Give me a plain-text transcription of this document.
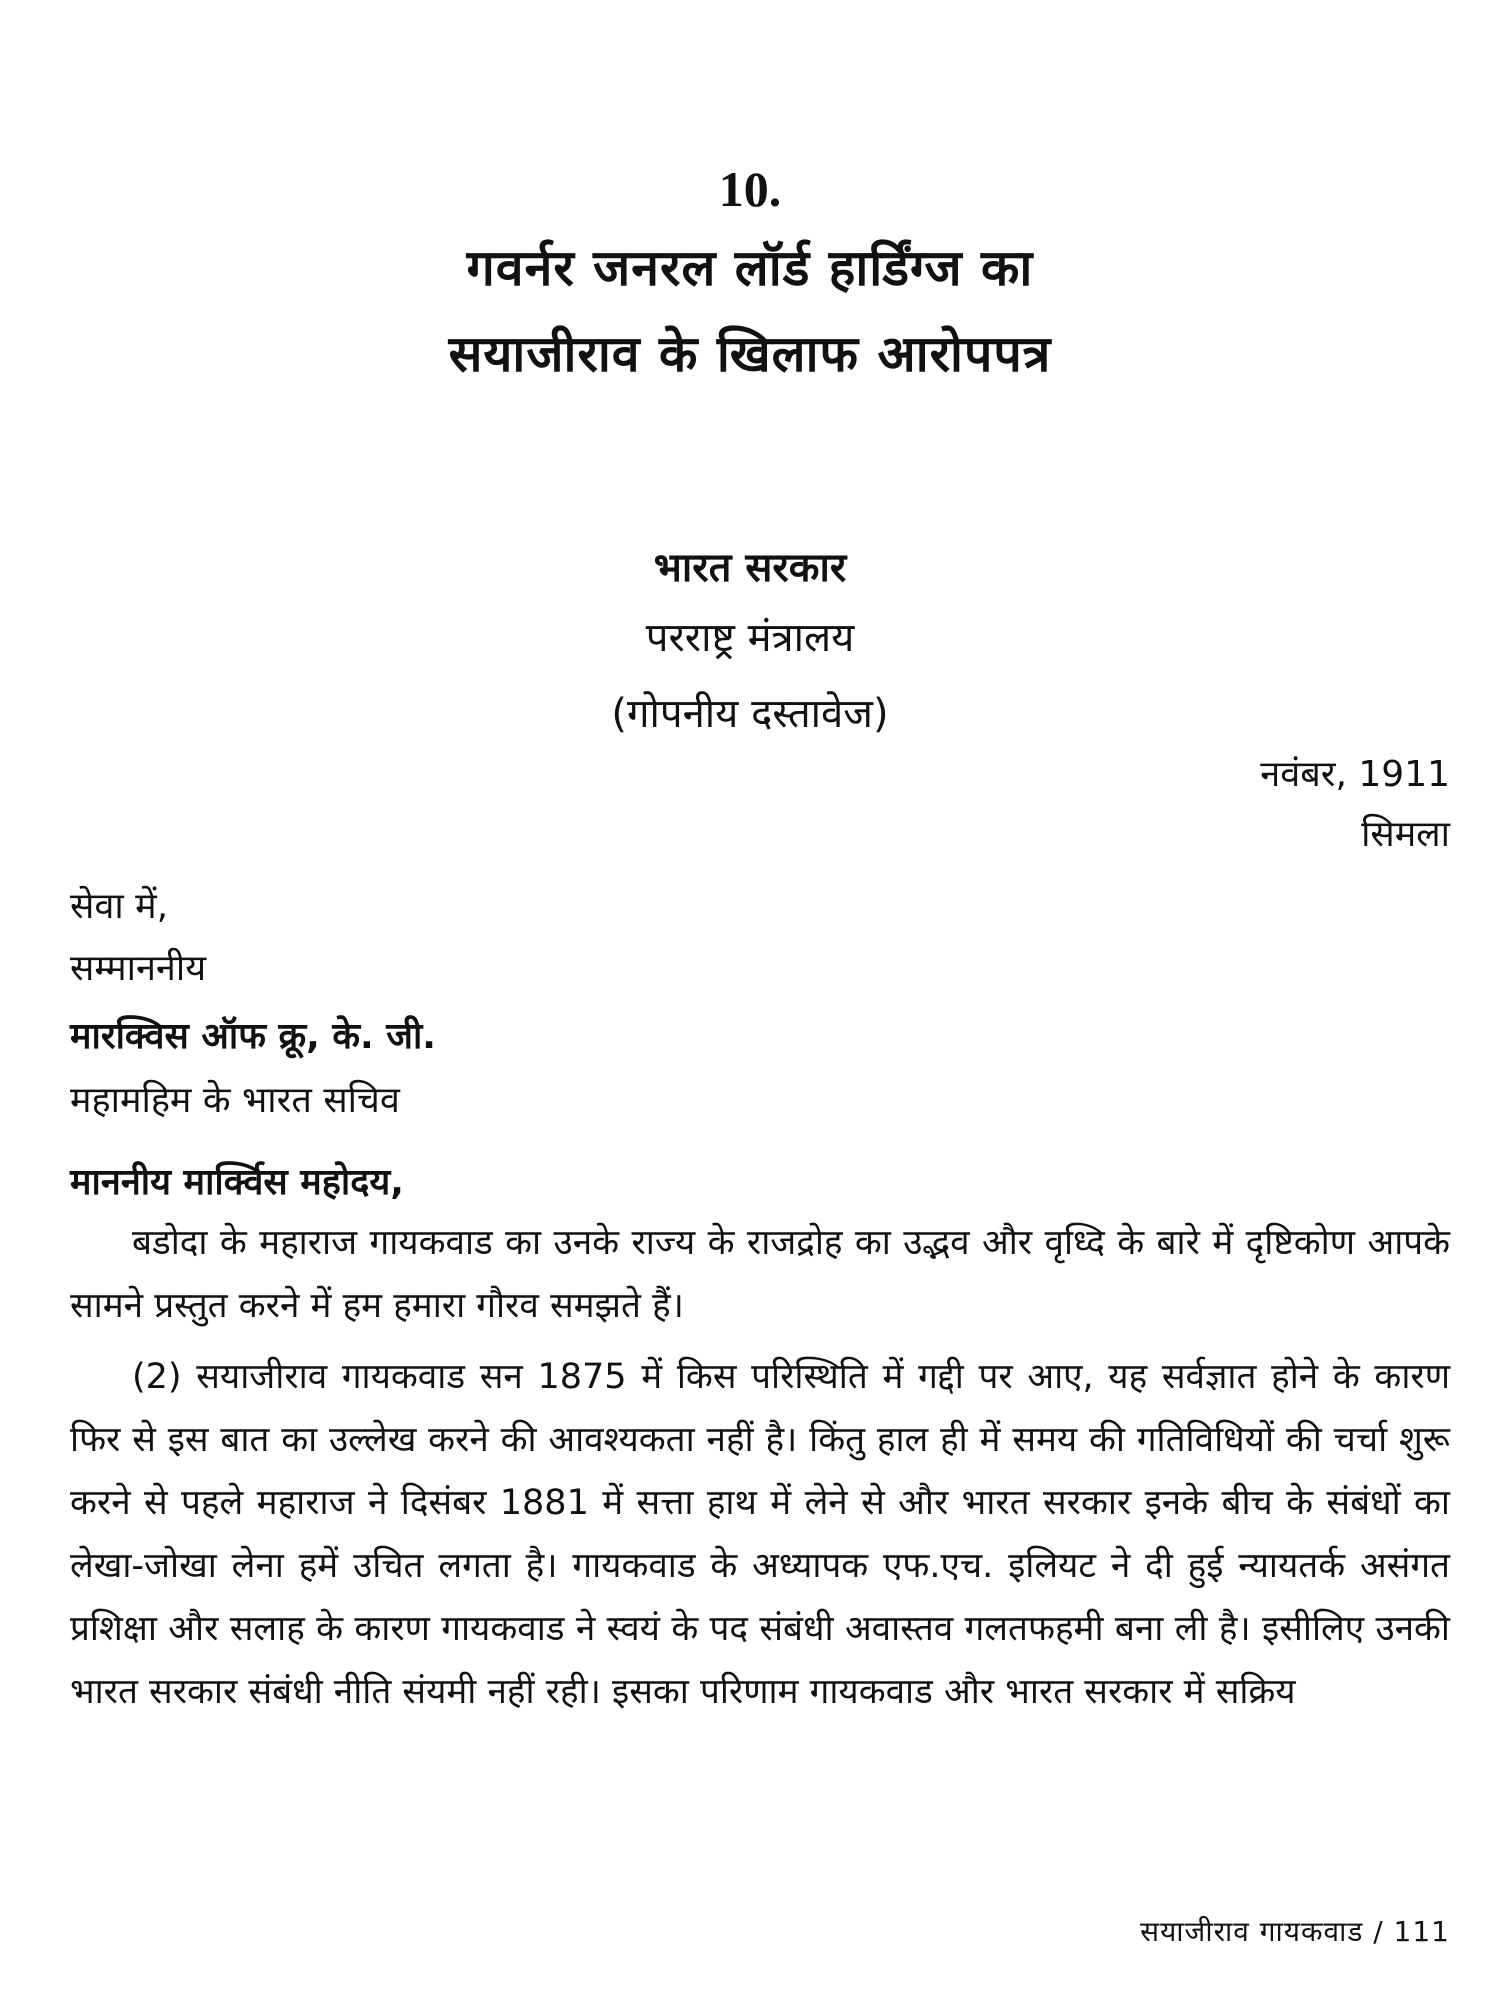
10.
गवर्नर जनरल लॉर्ड हार्डिंग्ज का
सयाजीराव के खिलाफ आरोपपत्र
भारत सरकार
परराष्ट्र मंत्रालय
(गोपनीय दस्तावेज)
नवंबर, 1911
सिमला
सेवा में,
सम्माननीय
मारक्विस ऑफ क्रू, के. जी.
महामहिम के भारत सचिव
माननीय मार्क्विस महोदय,
बडोदा के महाराज गायकवाड का उनके राज्य के राजद्रोह का उद्भव और वृध्दि के बारे में दृष्टिकोण आपके सामने प्रस्तुत करने में हम हमारा गौरव समझते हैं।
(2) सयाजीराव गायकवाड सन 1875 में किस परिस्थिति में गद्दी पर आए, यह सर्वज्ञात होने के कारण फिर से इस बात का उल्लेख करने की आवश्यकता नहीं है। किंतु हाल ही में समय की गतिविधियों की चर्चा शुरू करने से पहले महाराज ने दिसंबर 1881 में सत्ता हाथ में लेने से और भारत सरकार इनके बीच के संबंधों का लेखा-जोखा लेना हमें उचित लगता है। गायकवाड के अध्यापक एफ.एच. इलियट ने दी हुई न्यायतर्क असंगत प्रशिक्षा और सलाह के कारण गायकवाड ने स्वयं के पद संबंधी अवास्तव गलतफहमी बना ली है। इसीलिए उनकी भारत सरकार संबंधी नीति संयमी नहीं रही। इसका परिणाम गायकवाड और भारत सरकार में सक्रिय
सयाजीराव गायकवाड / 111
